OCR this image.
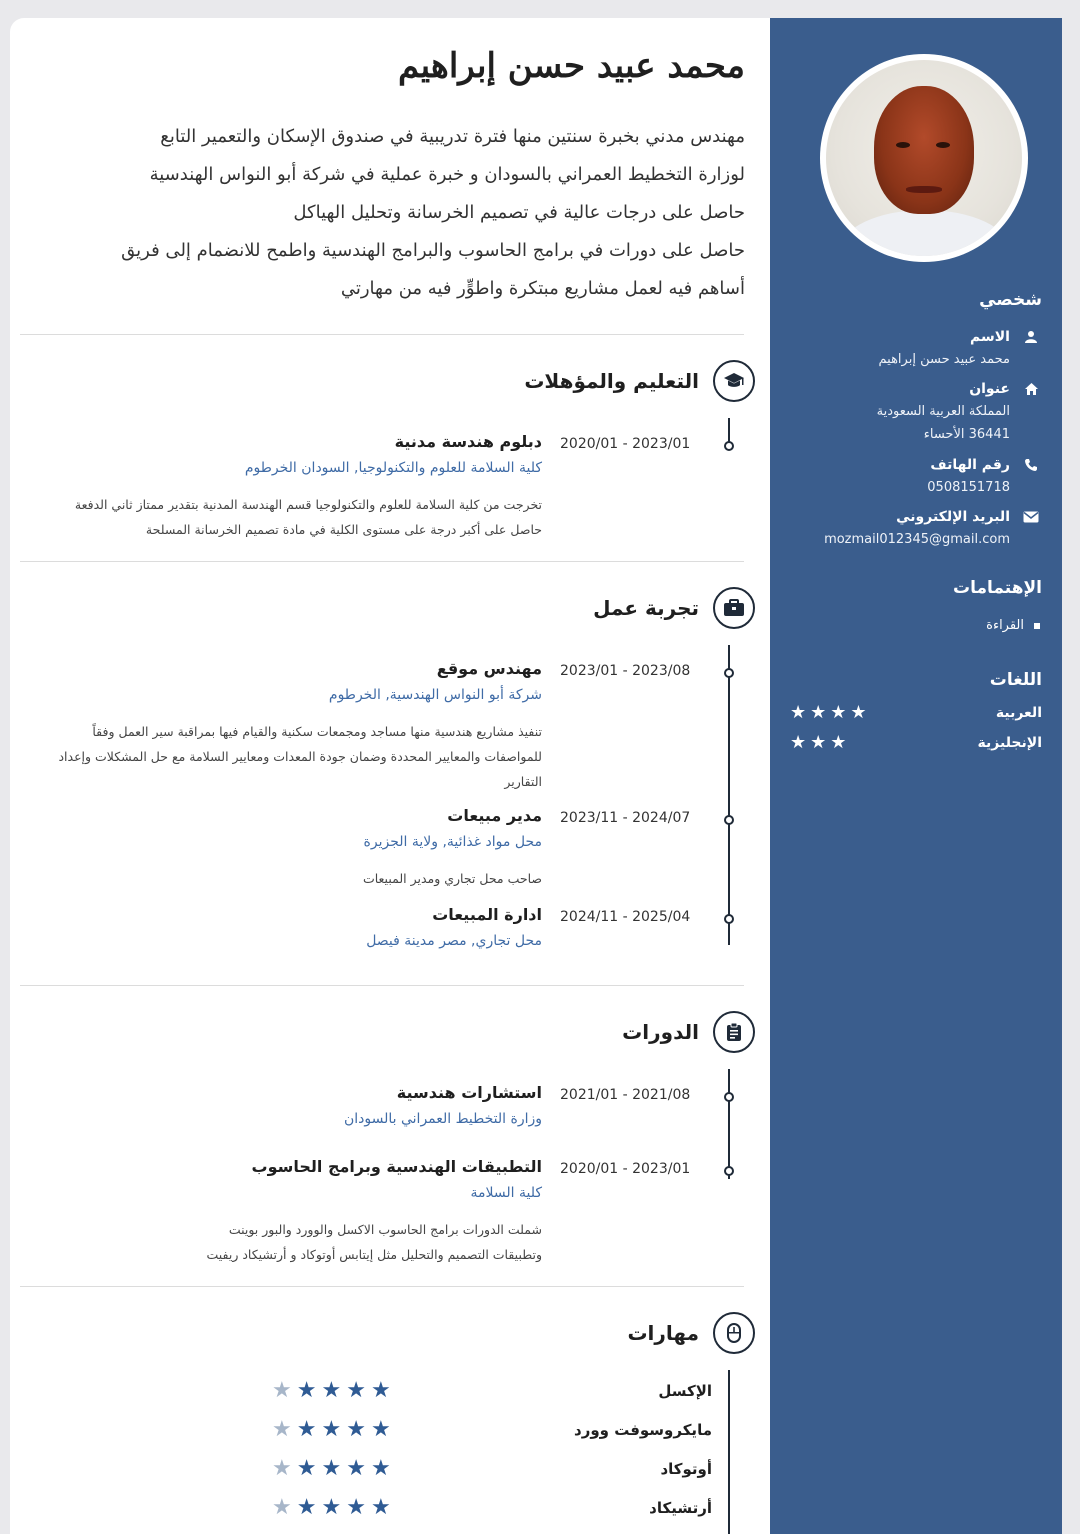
شخصي
الاسم
محمد عبيد حسن إبراهيم
عنوان
المملكة العربية السعودية
36441 الأحساء
رقم الهاتف
0508151718
البريد الإلكتروني
mozmail012345@gmail.com
الإهتمامات
القراءة
اللغات
العربية
★★★★
الإنجليزية
★★★
محمد عبيد حسن إبراهيم
مهندس مدني بخبرة سنتين منها فترة تدريبية في صندوق الإسكان والتعمير التابع
لوزارة التخطيط العمراني بالسودان و خبرة عملية في شركة أبو النواس الهندسية
حاصل على درجات عالية في تصميم الخرسانة وتحليل الهياكل
حاصل على دورات في برامج الحاسوب والبرامج الهندسية واطمح للانضمام إلى فريق
أساهم فيه لعمل مشاريع مبتكرة واطوٍّر فيه من مهارتي
التعليم والمؤهلات
2020/01 - 2023/01
دبلوم هندسة مدنية
كلية السلامة للعلوم والتكنولوجيا, السودان الخرطوم
تخرجت من كلية السلامة للعلوم والتكنولوجيا قسم الهندسة المدنية بتقدير ممتاز ثاني الدفعة
حاصل على أكبر درجة على مستوى الكلية في مادة تصميم الخرسانة المسلحة
تجربة عمل
2023/01 - 2023/08
مهندس موقع
شركة أبو النواس الهندسية, الخرطوم
تنفيذ مشاريع هندسية منها مساجد ومجمعات سكنية والقيام فيها بمراقبة سير العمل وفقاً
للمواصفات والمعايير المحددة وضمان جودة المعدات ومعايير السلامة مع حل المشكلات وإعداد
التقارير
2023/11 - 2024/07
مدير مبيعات
محل مواد غذائية, ولاية الجزيرة
صاحب محل تجاري ومدير المبيعات
2024/11 - 2025/04
ادارة المبيعات
محل تجاري, مصر مدينة فيصل
الدورات
2021/01 - 2021/08
استشارات هندسية
وزارة التخطيط العمراني بالسودان
2020/01 - 2023/01
التطبيقات الهندسية وبرامج الحاسوب
كلية السلامة
شملت الدورات برامج الحاسوب الاكسل والوورد والبور بوينت
وتطبيقات التصميم والتحليل مثل إيتابس أوتوكاد و أرتشيكاد ريفيت
مهارات
الإكسل
★★★★★
مايكروسوفت وورد
★★★★★
أوتوكاد
★★★★★
أرتشيكاد
★★★★★
